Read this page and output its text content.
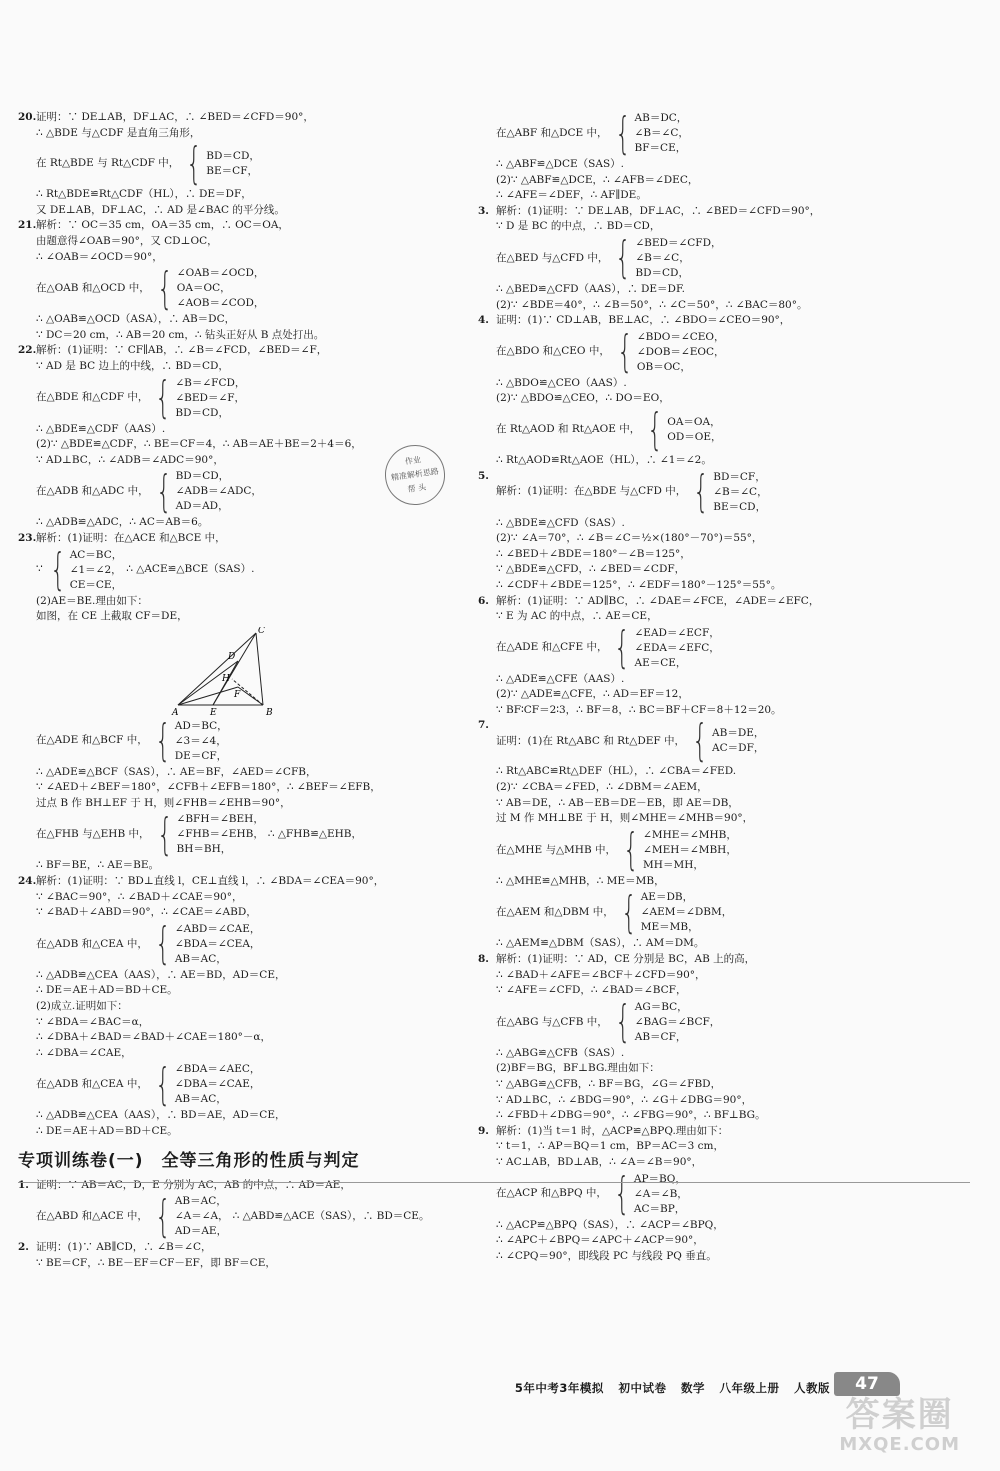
20. 证明：∵ DE⊥AB，DF⊥AC，∴ ∠BED＝∠CFD＝90°，
∴ △BDE 与△CDF 是直角三角形，
在 Rt△BDE 与 Rt△CDF 中， { BD＝CD，
BE＝CF，
∴ Rt△BDE≌Rt△CDF（HL），∴ DE＝DF，
又 DE⊥AB，DF⊥AC，∴ AD 是∠BAC 的平分线。
21. 解析：∵ OC＝35 cm，OA＝35 cm，∴ OC＝OA，
由题意得∠OAB＝90°，又 CD⊥OC，
∴ ∠OAB＝∠OCD＝90°，
在△OAB 和△OCD 中， { ∠OAB＝∠OCD，
OA＝OC，
∠AOB＝∠COD，
∴ △OAB≌△OCD（ASA），∴ AB＝DC，
∵ DC＝20 cm，∴ AB＝20 cm，∴ 钻头正好从 B 点处打出。
22. 解析：(1)证明：∵ CF∥AB，∴ ∠B＝∠FCD，∠BED＝∠F，
∵ AD 是 BC 边上的中线，∴ BD＝CD，
在△BDE 和△CDF 中， { ∠B＝∠FCD，
∠BED＝∠F，
BD＝CD，
∴ △BDE≌△CDF（AAS）.
(2)∵ △BDE≌△CDF，∴ BE＝CF＝4，∴ AB＝AE＋BE＝2＋4＝6，
∵ AD⊥BC，∴ ∠ADB＝∠ADC＝90°，
在△ADB 和△ADC 中， { BD＝CD，
∠ADB＝∠ADC，
AD＝AD，
∴ △ADB≌△ADC，∴ AC＝AB＝6。
23. 解析：(1)证明：在△ACE 和△BCE 中，
∵ { AC＝BC，
∠1＝∠2，
CE＝CE，
∴ △ACE≌△BCE（SAS）.
(2)AE＝BE.理由如下：
如图，在 CE 上截取 CF＝DE，
A	E	B
C
D
H
F
在△ADE 和△BCF 中， { AD＝BC，
∠3＝∠4，
DE＝CF，
∴ △ADE≌△BCF（SAS），∴ AE＝BF，∠AED＝∠CFB，
∵ ∠AED＋∠BEF＝180°，∠CFB＋∠EFB＝180°，∴ ∠BEF＝∠EFB，
过点 B 作 BH⊥EF 于 H，则∠FHB＝∠EHB＝90°，
在△FHB 与△EHB 中， { ∠BFH＝∠BEH，
∠FHB＝∠EHB，
BH＝BH，
∴ △FHB≌△EHB，
∴ BF＝BE，∴ AE＝BE。
24. 解析：(1)证明：∵ BD⊥直线 l，CE⊥直线 l，∴ ∠BDA＝∠CEA＝90°，
∵ ∠BAC＝90°，∴ ∠BAD＋∠CAE＝90°，
∵ ∠BAD＋∠ABD＝90°，∴ ∠CAE＝∠ABD，
在△ADB 和△CEA 中， { ∠ABD＝∠CAE，
∠BDA＝∠CEA，
AB＝AC，
∴ △ADB≌△CEA（AAS），∴ AE＝BD，AD＝CE，
∴ DE＝AE＋AD＝BD＋CE。
(2)成立.证明如下：
∵ ∠BDA＝∠BAC＝α，
∴ ∠DBA＋∠BAD＝∠BAD＋∠CAE＝180°－α，
∴ ∠DBA＝∠CAE，
在△ADB 和△CEA 中， { ∠BDA＝∠AEC，
∠DBA＝∠CAE，
AB＝AC，
∴ △ADB≌△CEA（AAS），∴ BD＝AE，AD＝CE，
∴ DE＝AE＋AD＝BD＋CE。
专项训练卷(一)　全等三角形的性质与判定
1. 证明：∵ AB＝AC，D，E 分别为 AC，AB 的中点，∴ AD＝AE，
在△ABD 和△ACE 中， { AB＝AC，
∠A＝∠A，
AD＝AE，
∴ △ABD≌△ACE（SAS），∴ BD＝CE。
2. 证明：(1)∵ AB∥CD，∴ ∠B＝∠C，
∵ BE＝CF，∴ BE－EF＝CF－EF，即 BF＝CE，
在△ABF 和△DCE 中， { AB＝DC，
∠B＝∠C，
BF＝CE，
∴ △ABF≌△DCE（SAS）.
(2)∵ △ABF≌△DCE，∴ ∠AFB＝∠DEC，
∴ ∠AFE＝∠DEF，∴ AF∥DE。
3. 解析：(1)证明：∵ DE⊥AB，DF⊥AC，∴ ∠BED＝∠CFD＝90°，
∵ D 是 BC 的中点，∴ BD＝CD，
在△BED 与△CFD 中， { ∠BED＝∠CFD，
∠B＝∠C，
BD＝CD，
∴ △BED≌△CFD（AAS），∴ DE＝DF.
(2)∵ ∠BDE＝40°，∴ ∠B＝50°，∴ ∠C＝50°，∴ ∠BAC＝80°。
4. 证明：(1)∵ CD⊥AB，BE⊥AC，∴ ∠BDO＝∠CEO＝90°，
在△BDO 和△CEO 中， { ∠BDO＝∠CEO，
∠DOB＝∠EOC，
OB＝OC，
∴ △BDO≌△CEO（AAS）.
(2)∵ △BDO≌△CEO，∴ DO＝EO，
在 Rt△AOD 和 Rt△AOE 中， { OA＝OA，
OD＝OE，
∴ Rt△AOD≌Rt△AOE（HL），∴ ∠1＝∠2。
5.
解析：(1)证明：在△BDE 与△CFD 中， { BD＝CF，
∠B＝∠C，
BE＝CD，
∴ △BDE≌△CFD（SAS）.
(2)∵ ∠A＝70°，∴ ∠B＝∠C＝½×(180°－70°)＝55°，
∴ ∠BED＋∠BDE＝180°－∠B＝125°，
∵ △BDE≌△CFD，∴ ∠BED＝∠CDF，
∴ ∠CDF＋∠BDE＝125°，∴ ∠EDF＝180°－125°＝55°。
6. 解析：(1)证明：∵ AD∥BC，∴ ∠DAE＝∠FCE，∠ADE＝∠EFC，
∵ E 为 AC 的中点，∴ AE＝CE，
在△ADE 和△CFE 中， { ∠EAD＝∠ECF，
∠EDA＝∠EFC，
AE＝CE，
∴ △ADE≌△CFE（AAS）.
(2)∵ △ADE≌△CFE，∴ AD＝EF＝12，
∵ BF∶CF＝2∶3，∴ BF＝8，∴ BC＝BF＋CF＝8＋12＝20。
7.
证明：(1)在 Rt△ABC 和 Rt△DEF 中， { AB＝DE，
AC＝DF，
∴ Rt△ABC≌Rt△DEF（HL），∴ ∠CBA＝∠FED.
(2)∵ ∠CBA＝∠FED，∴ ∠DBM＝∠AEM，
∵ AB＝DE，∴ AB－EB＝DE－EB，即 AE＝DB，
过 M 作 MH⊥BE 于 H，则∠MHE＝∠MHB＝90°，
在△MHE 与△MHB 中， { ∠MHE＝∠MHB，
∠MEH＝∠MBH，
MH＝MH，
∴ △MHE≌△MHB，∴ ME＝MB，
在△AEM 和△DBM 中， { AE＝DB，
∠AEM＝∠DBM，
ME＝MB，
∴ △AEM≌△DBM（SAS），∴ AM＝DM。
8. 解析：(1)证明：∵ AD，CE 分别是 BC，AB 上的高，
∴ ∠BAD＋∠AFE＝∠BCF＋∠CFD＝90°，
∵ ∠AFE＝∠CFD，∴ ∠BAD＝∠BCF，
在△ABG 与△CFB 中， { AG＝BC，
∠BAG＝∠BCF，
AB＝CF，
∴ △ABG≌△CFB（SAS）.
(2)BF＝BG，BF⊥BG.理由如下：
∵ △ABG≌△CFB，∴ BF＝BG，∠G＝∠FBD，
∵ AD⊥BC，∴ ∠BDG＝90°，∴ ∠G＋∠DBG＝90°，
∴ ∠FBD＋∠DBG＝90°，∴ ∠FBG＝90°，∴ BF⊥BG。
9. 解析：(1)当 t＝1 时，△ACP≌△BPQ.理由如下：
∵ t＝1，∴ AP＝BQ＝1 cm，BP＝AC＝3 cm，
∵ AC⊥AB，BD⊥AB，∴ ∠A＝∠B＝90°，
在△ACP 和△BPQ 中， { AP＝BQ，
∠A＝∠B，
AC＝BP，
∴ △ACP≌△BPQ（SAS），∴ ∠ACP＝∠BPQ，
∴ ∠APC＋∠BPQ＝∠APC＋∠ACP＝90°，
∴ ∠CPQ＝90°，即线段 PC 与线段 PQ 垂直。
作业
精准解析思路
帮 头
5年中考3年模拟 初中试卷 数学 八年级上册 人教版	47
答案圈
MXQE.COM
